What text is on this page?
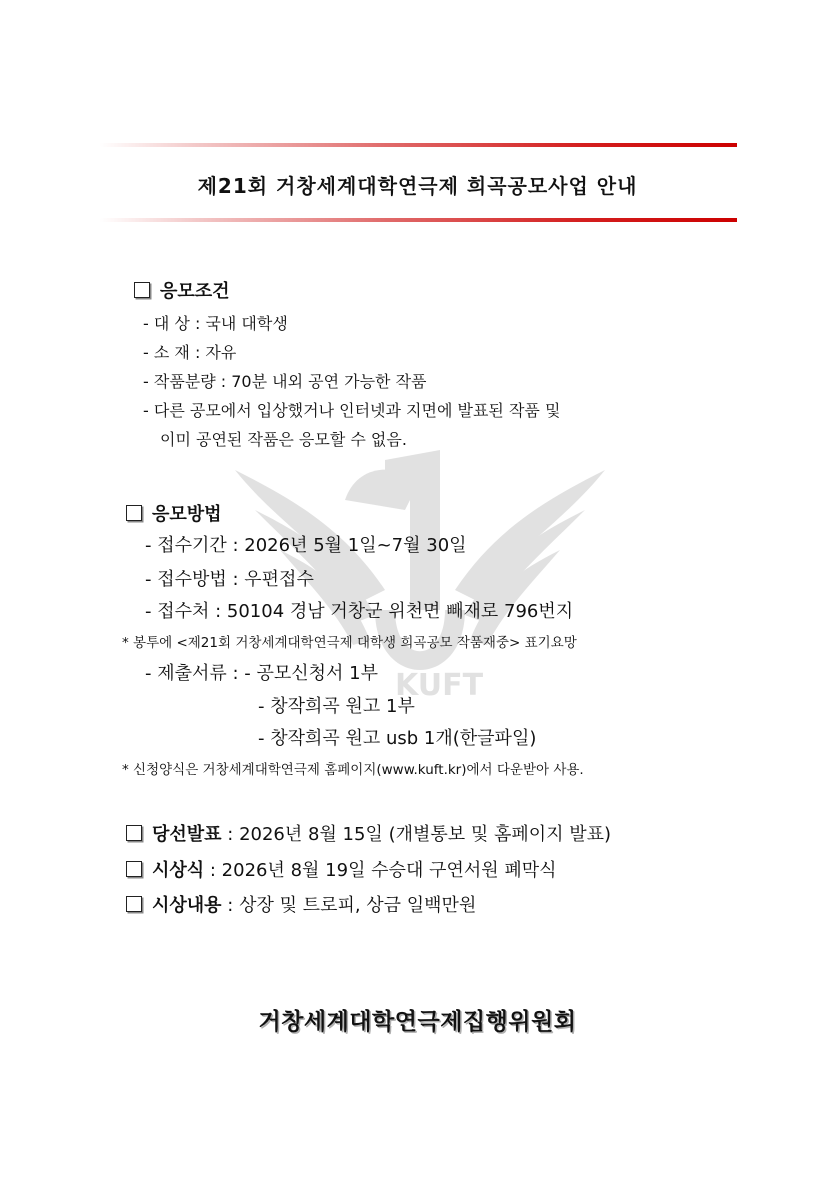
제21회 거창세계대학연극제 희곡공모사업 안내
KUFT
응모조건
- 대 상 : 국내 대학생
- 소 재 : 자유
- 작품분량 : 70분 내외 공연 가능한 작품
- 다른 공모에서 입상했거나 인터넷과 지면에 발표된 작품 및
이미 공연된 작품은 응모할 수 없음.
응모방법
- 접수기간 : 2026년 5월 1일~7월 30일
- 접수방법 : 우편접수
- 접수처 : 50104 경남 거창군 위천면 빼재로 796번지
* 봉투에 <제21회 거창세계대학연극제 대학생 희곡공모 작품재중> 표기요망
- 제출서류 : - 공모신청서 1부
- 창작희곡 원고 1부
- 창작희곡 원고 usb 1개(한글파일)
* 신청양식은 거창세계대학연극제 홈페이지(www.kuft.kr)에서 다운받아 사용.
당선발표 : 2026년 8월 15일 (개별통보 및 홈페이지 발표)
시상식 : 2026년 8월 19일 수승대 구연서원 폐막식
시상내용 : 상장 및 트로피, 상금 일백만원
거창세계대학연극제집행위원회
